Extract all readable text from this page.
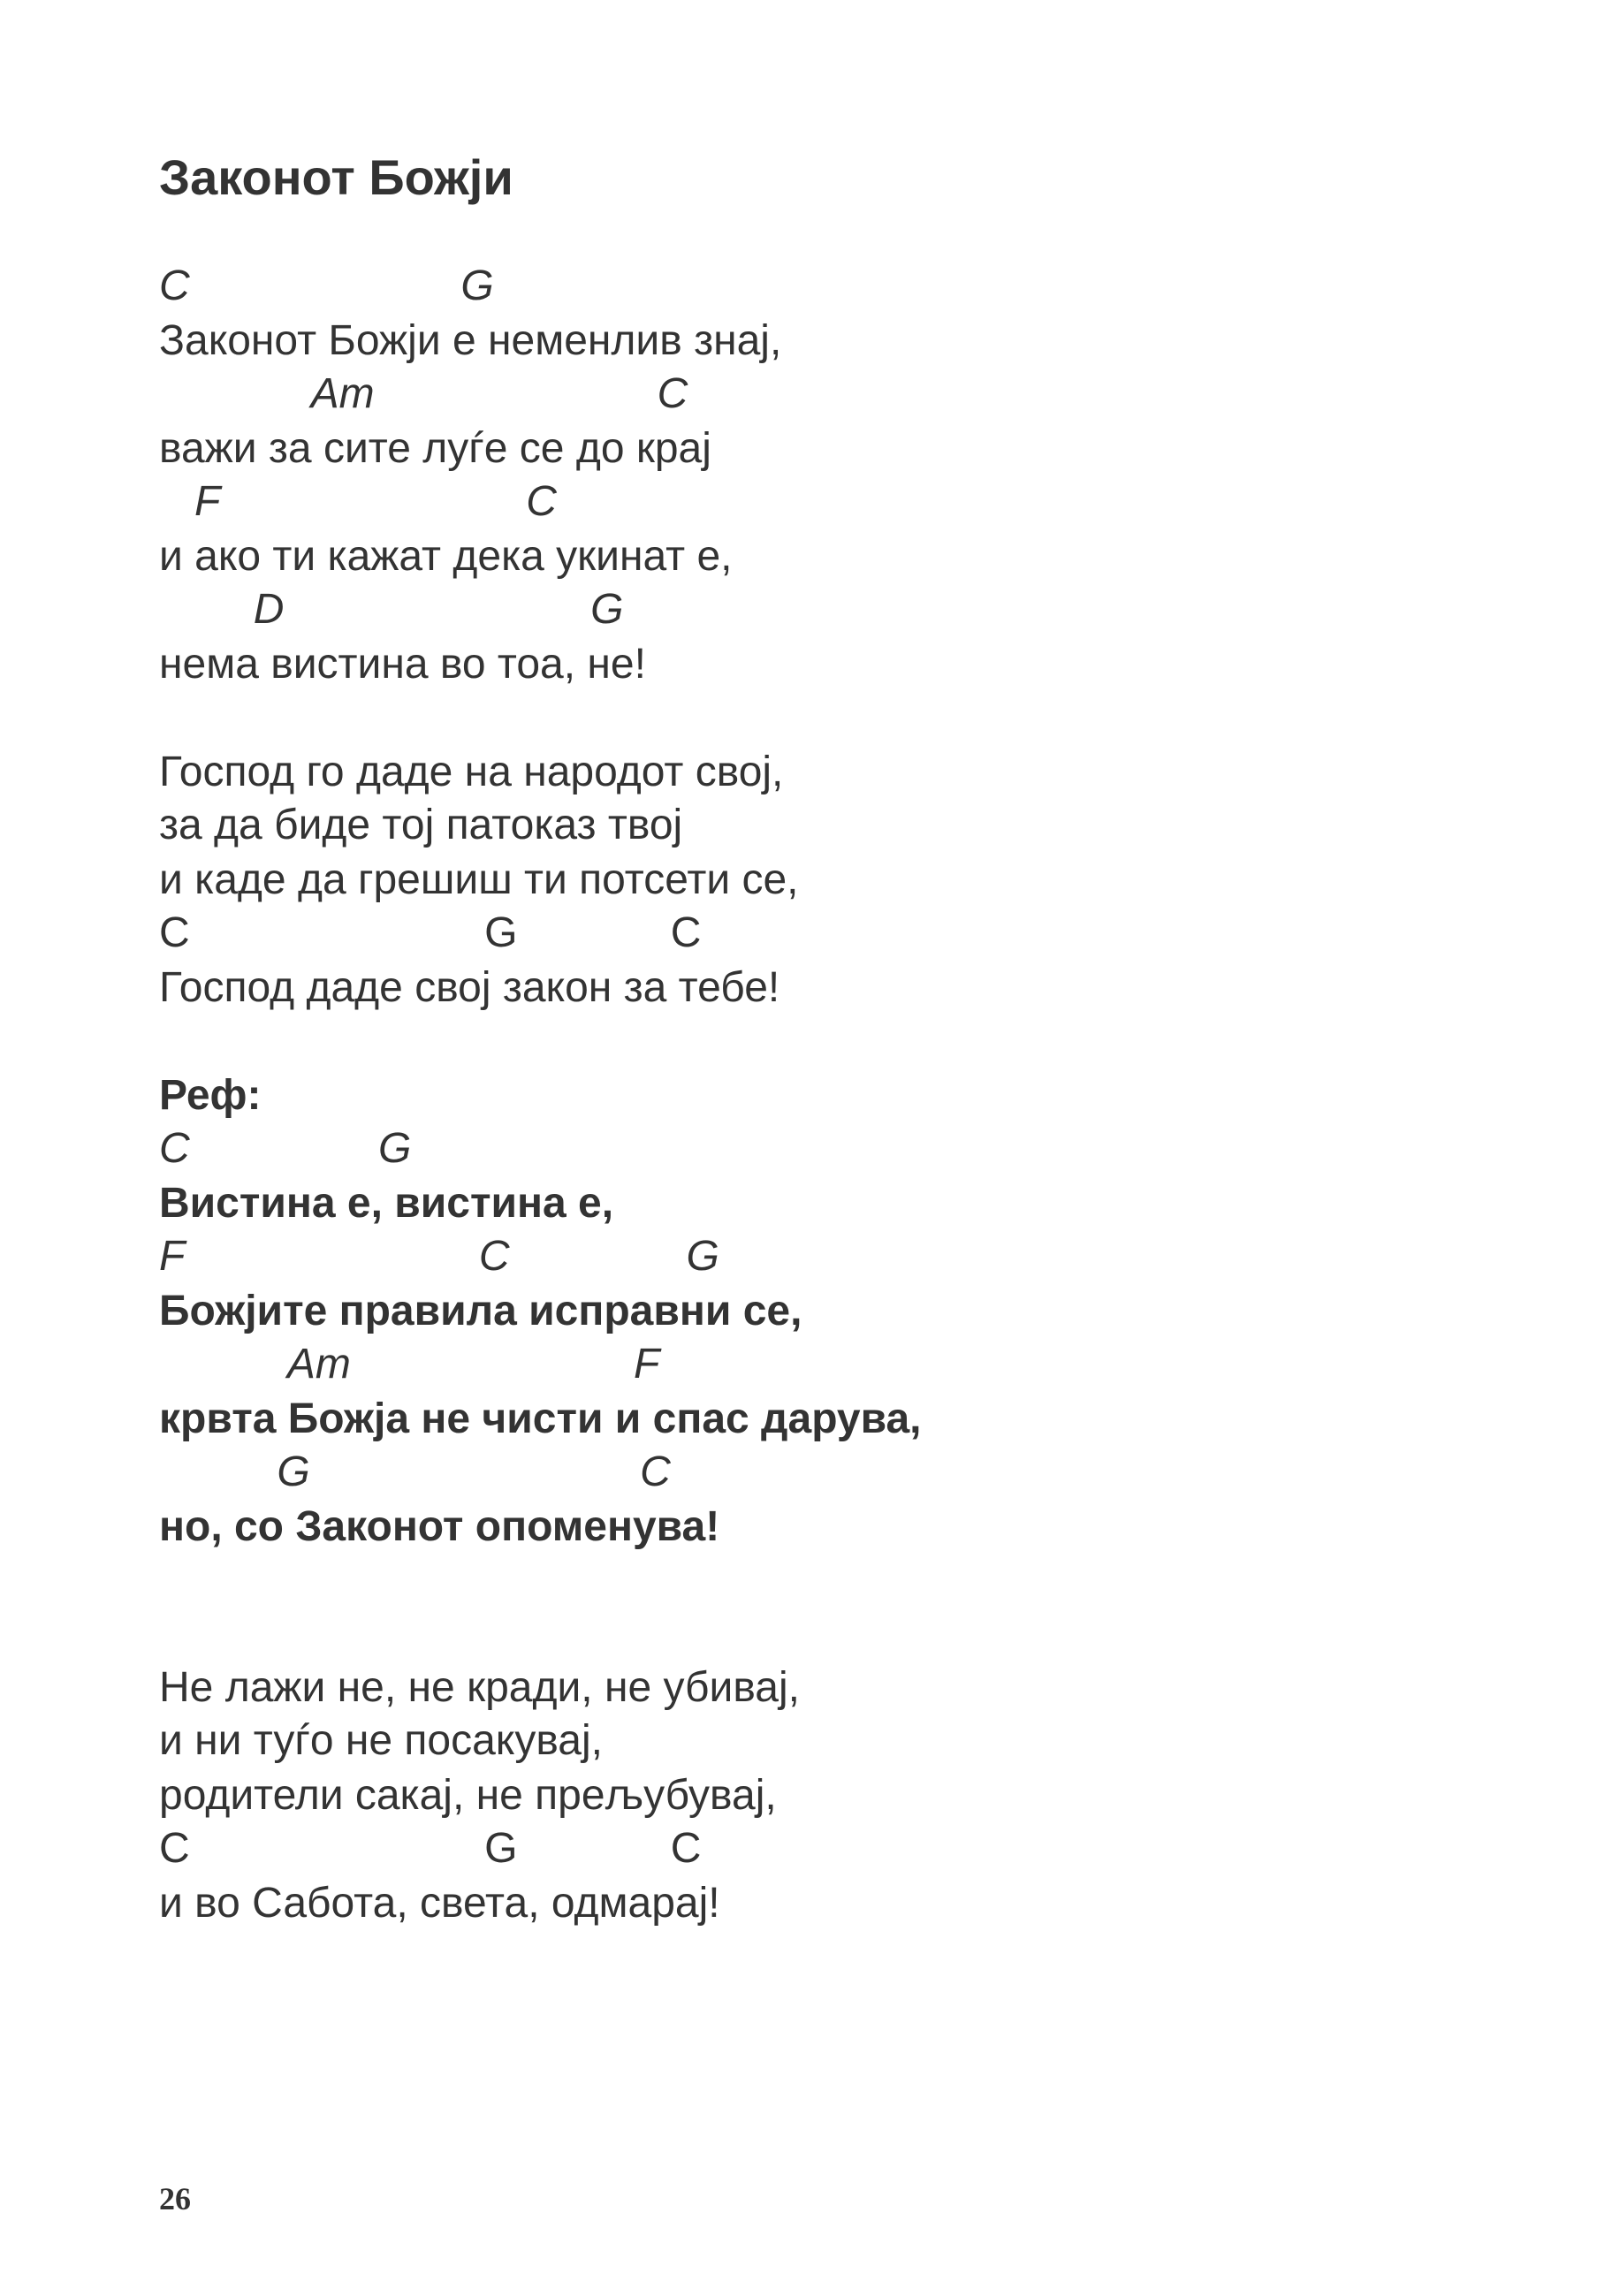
Законот Божји

C                       G

Законот Божји е неменлив знај,

Am                        C

важи за сите луѓе се до крај

F                          C

и ако ти кажат дека укинат е,

D                          G

нема вистина во тоа, не!

Господ го даде на народот свој,

за да биде тој патоказ твој

и каде да грешиш ти потсети се,

C                         G             C

Господ даде свој закон за тебе!

Реф:

C                G

Вистина е, вистина е,

F                         C               G

Божјите правила исправни се,

Am                        F

крвта Божја не чисти и спас дарува,

G                            C

но, со Законот опоменува!

Не лажи не, не кради, не убивај,

и ни туѓо не посакувај,

родители сакај, не прељубувај,

C                         G             C

и во Сабота, света, одмарај!

26
